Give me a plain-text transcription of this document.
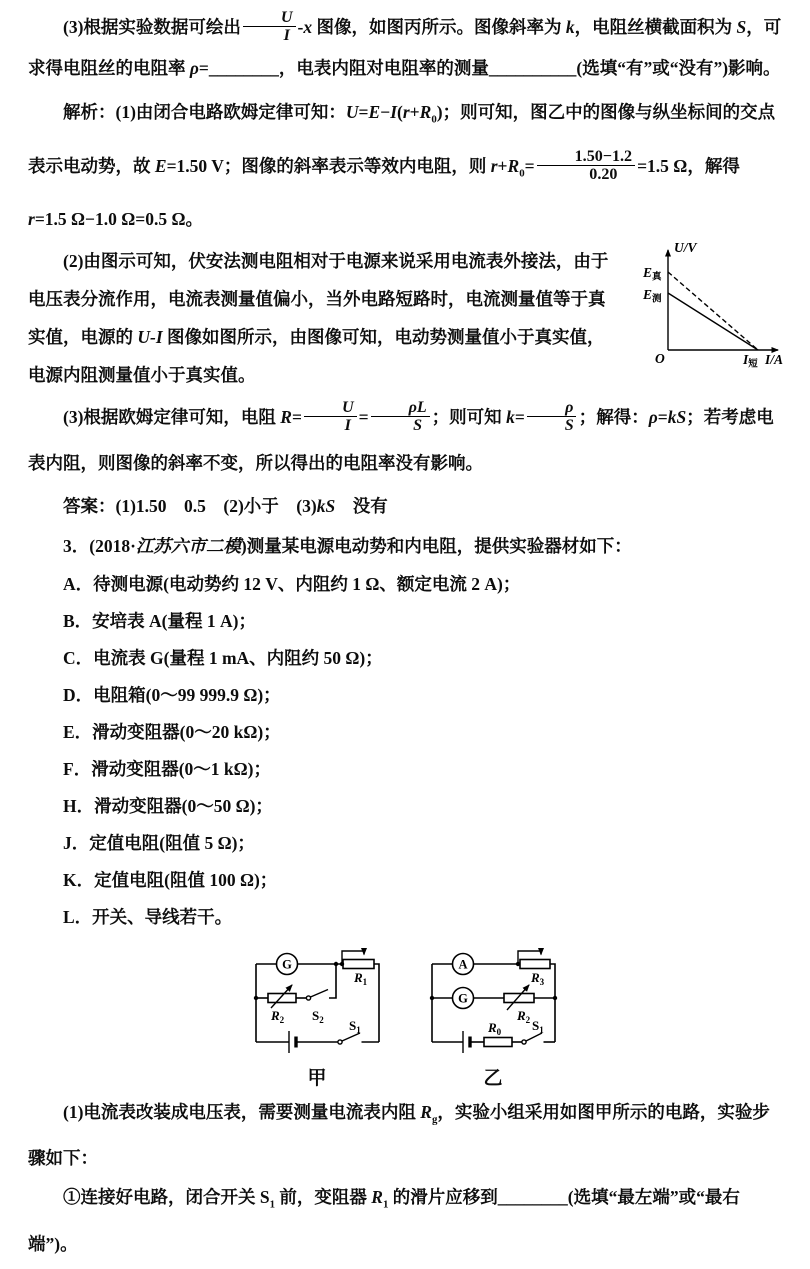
(3)根据实验数据可绘出 $\frac{U}{I} -x$ 图像，如图丙所示。图像斜率为 k，电阻丝横截面积为 S，可求得电阻丝的电阻率 ρ=________，电表内阻对电阻率的测量__________(选填“有”或“没有”)影响。

解析：(1)由闭合电路欧姆定律可知：$U=E-I(r+R_0)$；则可知，图乙中的图像与纵坐标间的交点表示电动势，故 E=1.50 V；图像的斜率表示等效内电阻，则 $r+R_0= \frac{1.50-1.2}{0.20} =1.5$ Ω，解得 r=1.5 Ω−1.0 Ω=0.5 Ω。

(2)由图示可知，伏安法测电阻相对于电源来说采用电流表外接法，由于电压表分流作用，电流表测量值偏小，当外电路短路时，电流测量值等于真实值，电源的 U-I 图像如图所示，由图像可知，电动势测量值小于真实值，电源内阻测量值小于真实值。

U/V
E真
E测
O	I短 I/A

(3)根据欧姆定律可知，电阻 $R= \frac{U}{I} = \frac{\rho L}{S}$ ；则可知 $k= \frac{\rho}{S}$ ；解得：ρ=kS；若考虑电表内阻，则图像的斜率不变，所以得出的电阻率没有影响。

答案：(1)1.50　0.5　(2)小于　(3)kS　没有

3．(2018·江苏六市二模)测量某电源电动势和内电阻，提供实验器材如下：

A．待测电源(电动势约 12 V、内阻约 1 Ω、额定电流 2 A)；

B．安培表 A(量程 1 A)；

C．电流表 G(量程 1 mA、内阻约 50 Ω)；

D．电阻箱(0～99 999.9 Ω)；

E．滑动变阻器(0～20 kΩ)；

F．滑动变阻器(0～1 kΩ)；

H．滑动变阻器(0～50 Ω)；

J．定值电阻(阻值 5 Ω)；

K．定值电阻(阻值 100 Ω)；

L．开关、导线若干。

G
$R_1$
$R_2$ $S_2$ $S_1$
甲
A
$R_3$
G
$R_2$
$R_0$ $S_1$
乙

(1)电流表改装成电压表，需要测量电流表内阻 $R_g$，实验小组采用如图甲所示的电路，实验步骤如下：

①连接好电路，闭合开关 $S_1$ 前，变阻器 $R_1$ 的滑片应移到________(选填“最左端”或“最右端”)。
